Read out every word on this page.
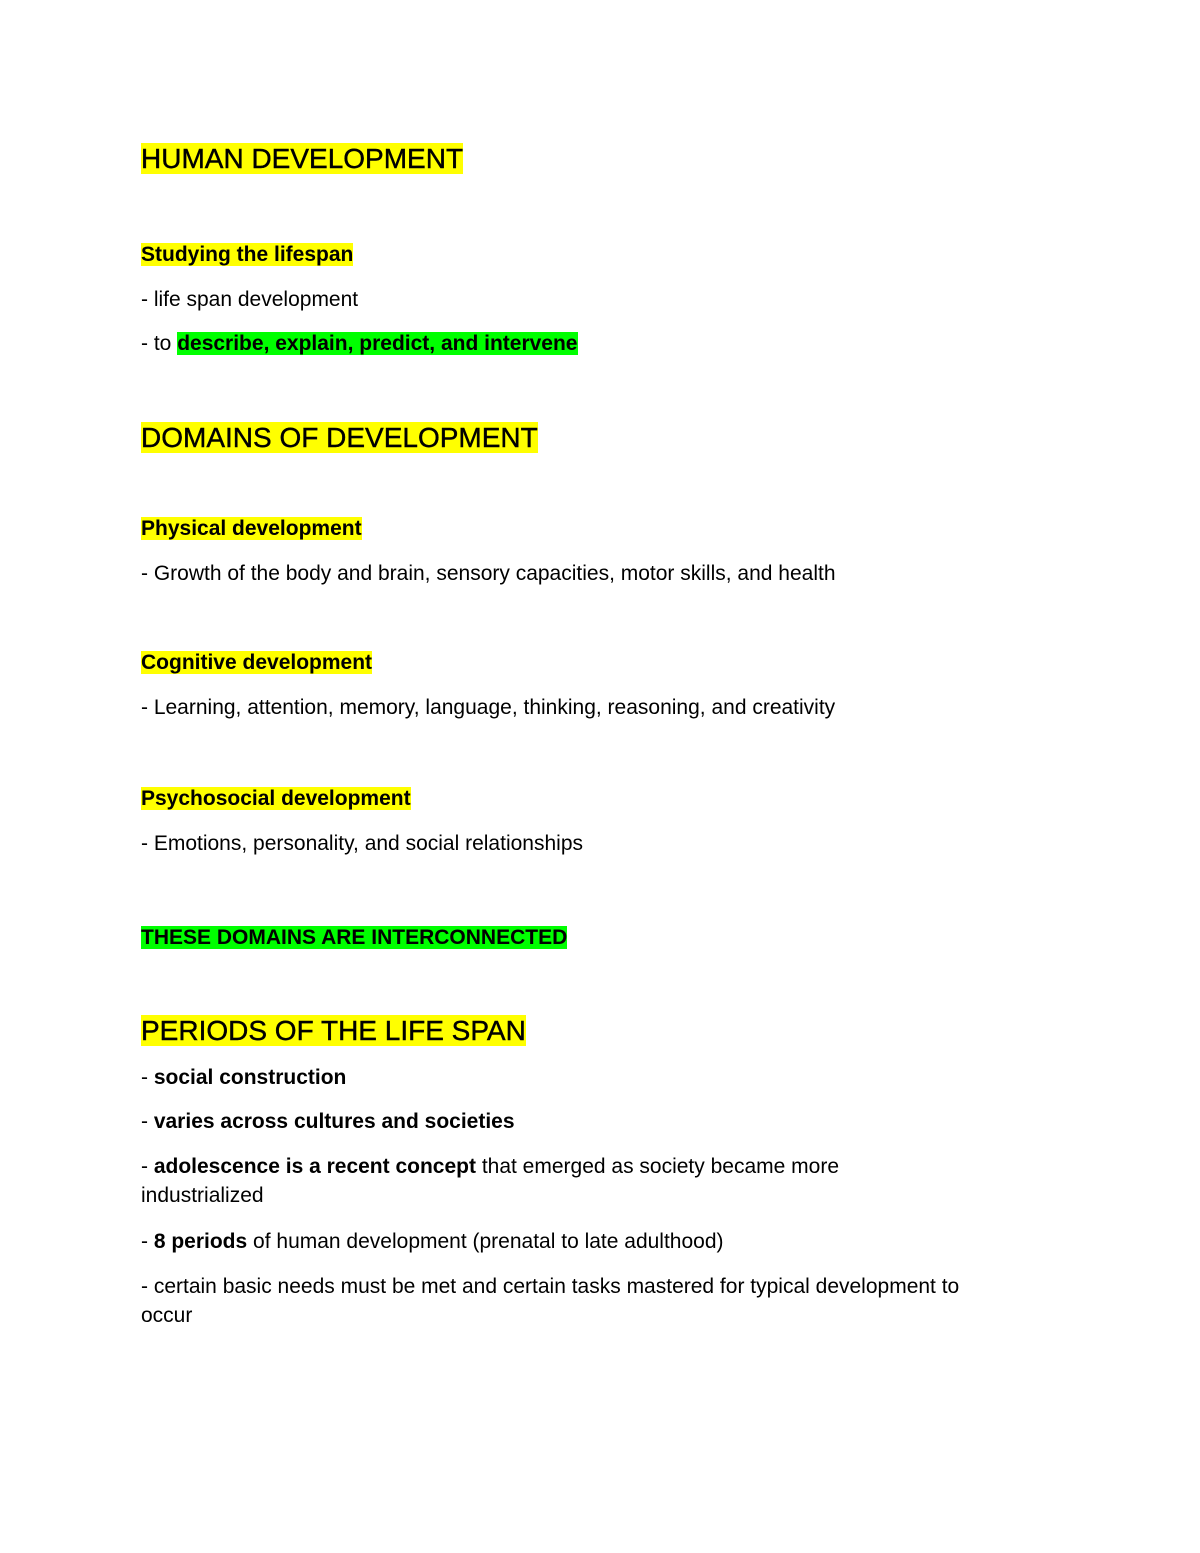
HUMAN DEVELOPMENT
Studying the lifespan
- life span development
- to describe, explain, predict, and intervene
DOMAINS OF DEVELOPMENT
Physical development
- Growth of the body and brain, sensory capacities, motor skills, and health
Cognitive development
- Learning, attention, memory, language, thinking, reasoning, and creativity
Psychosocial development
- Emotions, personality, and social relationships
THESE DOMAINS ARE INTERCONNECTED
PERIODS OF THE LIFE SPAN
- social construction
- varies across cultures and societies
- adolescence is a recent concept that emerged as society became more
industrialized
- 8 periods of human development (prenatal to late adulthood)
- certain basic needs must be met and certain tasks mastered for typical development to
occur
